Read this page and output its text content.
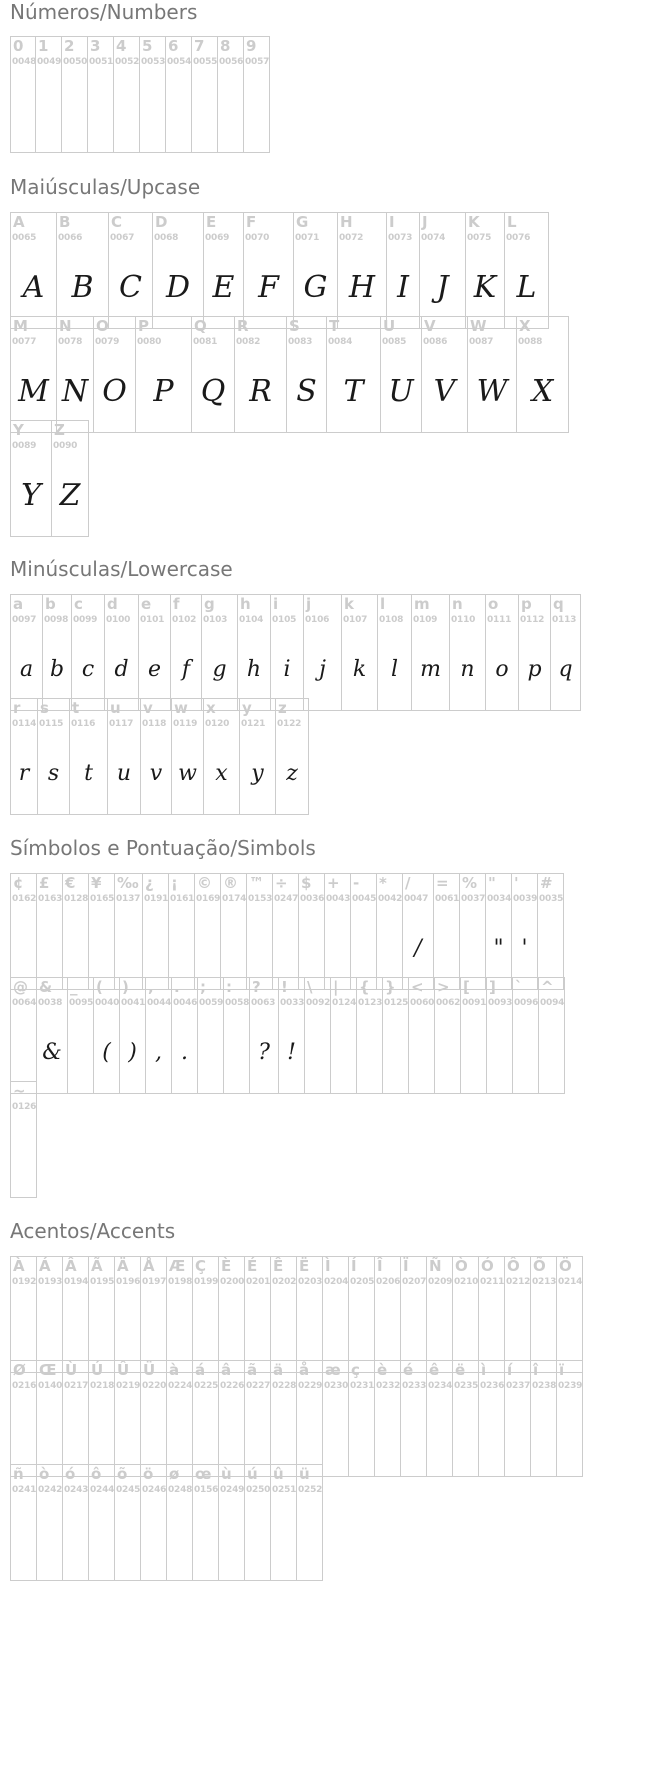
Números/Numbers
0
0048
1
0049
2
0050
3
0051
4
0052
5
0053
6
0054
7
0055
8
0056
9
0057
Maiúsculas/Upcase
A
0065
A
B
0066
B
C
0067
C
D
0068
D
E
0069
E
F
0070
F
G
0071
G
H
0072
H
I
0073
I
J
0074
J
K
0075
K
L
0076
L
M
0077
M
N
0078
N
O
0079
O
P
0080
P
Q
0081
Q
R
0082
R
S
0083
S
T
0084
T
U
0085
U
V
0086
V
W
0087
W
X
0088
X
Y
0089
Y
Z
0090
Z
Minúsculas/Lowercase
a
0097
a
b
0098
b
c
0099
c
d
0100
d
e
0101
e
f
0102
f
g
0103
g
h
0104
h
i
0105
i
j
0106
j
k
0107
k
l
0108
l
m
0109
m
n
0110
n
o
0111
o
p
0112
p
q
0113
q
r
0114
r
s
0115
s
t
0116
t
u
0117
u
v
0118
v
w
0119
w
x
0120
x
y
0121
y
z
0122
z
Símbolos e Pontuação/Simbols
¢
0162
£
0163
€
0128
¥
0165
‰
0137
¿
0191
¡
0161
©
0169
®
0174
™
0153
÷
0247
$
0036
+
0043
-
0045
*
0042
/
0047
/
=
0061
%
0037
"
0034
"
'
0039
'
#
0035
@
0064
&
0038
&
_
0095
(
0040
(
)
0041
)
,
0044
,
.
0046
.
;
0059
:
0058
?
0063
?
!
0033
!
\
0092
|
0124
{
0123
}
0125
<
0060
>
0062
[
0091
]
0093
`
0096
^
0094
~
0126
Acentos/Accents
À
0192
Á
0193
Â
0194
Ã
0195
Ä
0196
Å
0197
Æ
0198
Ç
0199
È
0200
É
0201
Ê
0202
Ë
0203
Ì
0204
Í
0205
Î
0206
Ï
0207
Ñ
0209
Ò
0210
Ó
0211
Ô
0212
Õ
0213
Ö
0214
Ø
0216
Œ
0140
Ù
0217
Ú
0218
Û
0219
Ü
0220
à
0224
á
0225
â
0226
ã
0227
ä
0228
å
0229
æ
0230
ç
0231
è
0232
é
0233
ê
0234
ë
0235
ì
0236
í
0237
î
0238
ï
0239
ñ
0241
ò
0242
ó
0243
ô
0244
õ
0245
ö
0246
ø
0248
œ
0156
ù
0249
ú
0250
û
0251
ü
0252
